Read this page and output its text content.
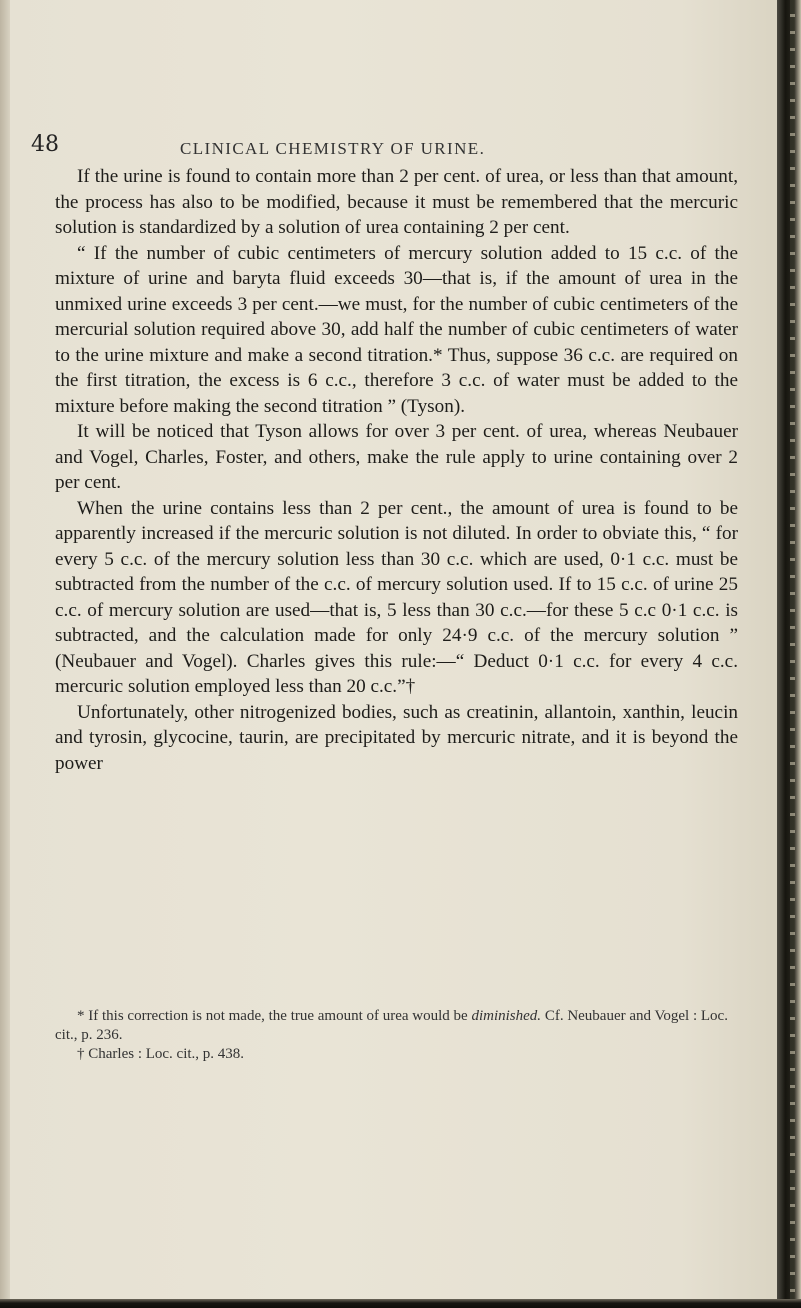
48	CLINICAL CHEMISTRY OF URINE.

If the urine is found to contain more than 2 per cent. of urea, or less than that amount, the process has also to be modified, because it must be remembered that the mercuric solution is standardized by a solution of urea containing 2 per cent.

“ If the number of cubic centimeters of mercury solution added to 15 c.c. of the mixture of urine and baryta fluid exceeds 30—that is, if the amount of urea in the unmixed urine exceeds 3 per cent.—we must, for the number of cubic centimeters of the mercurial solution required above 30, add half the number of cubic centimeters of water to the urine mixture and make a second titration.* Thus, suppose 36 c.c. are required on the first titration, the excess is 6 c.c., therefore 3 c.c. of water must be added to the mixture before making the second titration ” (Tyson).

It will be noticed that Tyson allows for over 3 per cent. of urea, whereas Neubauer and Vogel, Charles, Foster, and others, make the rule apply to urine containing over 2 per cent.

When the urine contains less than 2 per cent., the amount of urea is found to be apparently increased if the mercuric solution is not diluted. In order to obviate this, “ for every 5 c.c. of the mercury solution less than 30 c.c. which are used, 0·1 c.c. must be subtracted from the number of the c.c. of mercury solution used. If to 15 c.c. of urine 25 c.c. of mercury solution are used—that is, 5 less than 30 c.c.—for these 5 c.c 0·1 c.c. is subtracted, and the calculation made for only 24·9 c.c. of the mercury solution ” (Neubauer and Vogel). Charles gives this rule:—“ Deduct 0·1 c.c. for every 4 c.c. mercuric solution employed less than 20 c.c.”†

Unfortunately, other nitrogenized bodies, such as creatinin, allantoin, xanthin, leucin and tyrosin, glycocine, taurin, are precipitated by mercuric nitrate, and it is beyond the power

* If this correction is not made, the true amount of urea would be diminished. Cf. Neubauer and Vogel : Loc. cit., p. 236.

† Charles : Loc. cit., p. 438.
